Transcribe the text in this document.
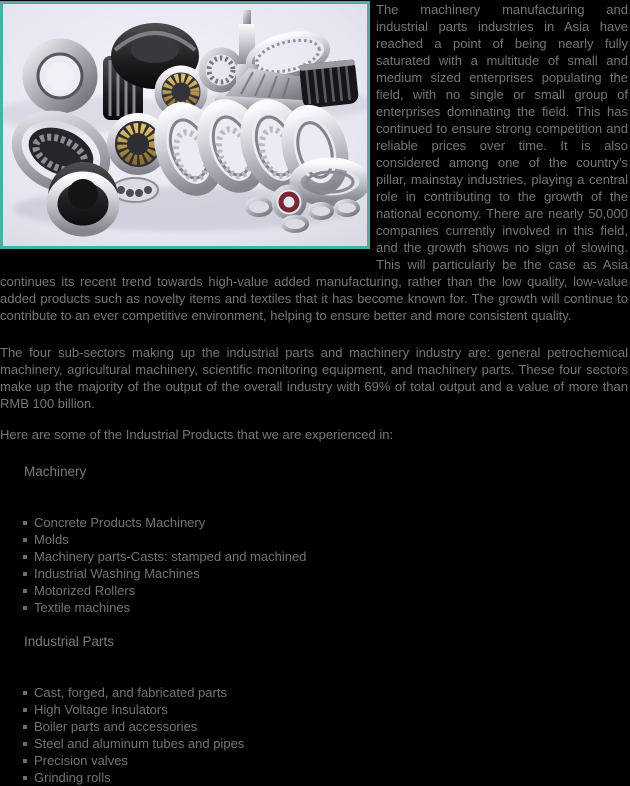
The machinery manufacturing and industrial parts industries in Asia have reached a point of being nearly fully saturated with a multitude of small and medium sized enterprises populating the field, with no single or small group of enterprises dominating the field. This has continued to ensure strong competition and reliable prices over time. It is also considered among one of the country’s pillar, mainstay industries, playing a central role in contributing to the growth of the national economy. There are nearly 50,000 companies currently involved in this field, and the growth shows no sign of slowing. This will particularly be the case as Asia continues its recent trend towards high-value added manufacturing, rather than the low quality, low-value added products such as novelty items and textiles that it has become known for. The growth will continue to contribute to an ever competitive environment, helping to ensure better and more consistent quality.

The four sub-sectors making up the industrial parts and machinery industry are: general petrochemical machinery, agricultural machinery, scientific monitoring equipment, and machinery parts. These four sectors make up the majority of the output of the overall industry with 69% of total output and a value of more than RMB 100 billion.

Here are some of the Industrial Products that we are experienced in:

Machinery
Concrete Products Machinery
Molds
Machinery parts-Casts: stamped and machined
Industrial Washing Machines
Motorized Rollers
Textile machines
Industrial Parts
Cast, forged, and fabricated parts
High Voltage Insulators
Boiler parts and accessories
Steel and aluminum tubes and pipes
Precision valves
Grinding rolls
